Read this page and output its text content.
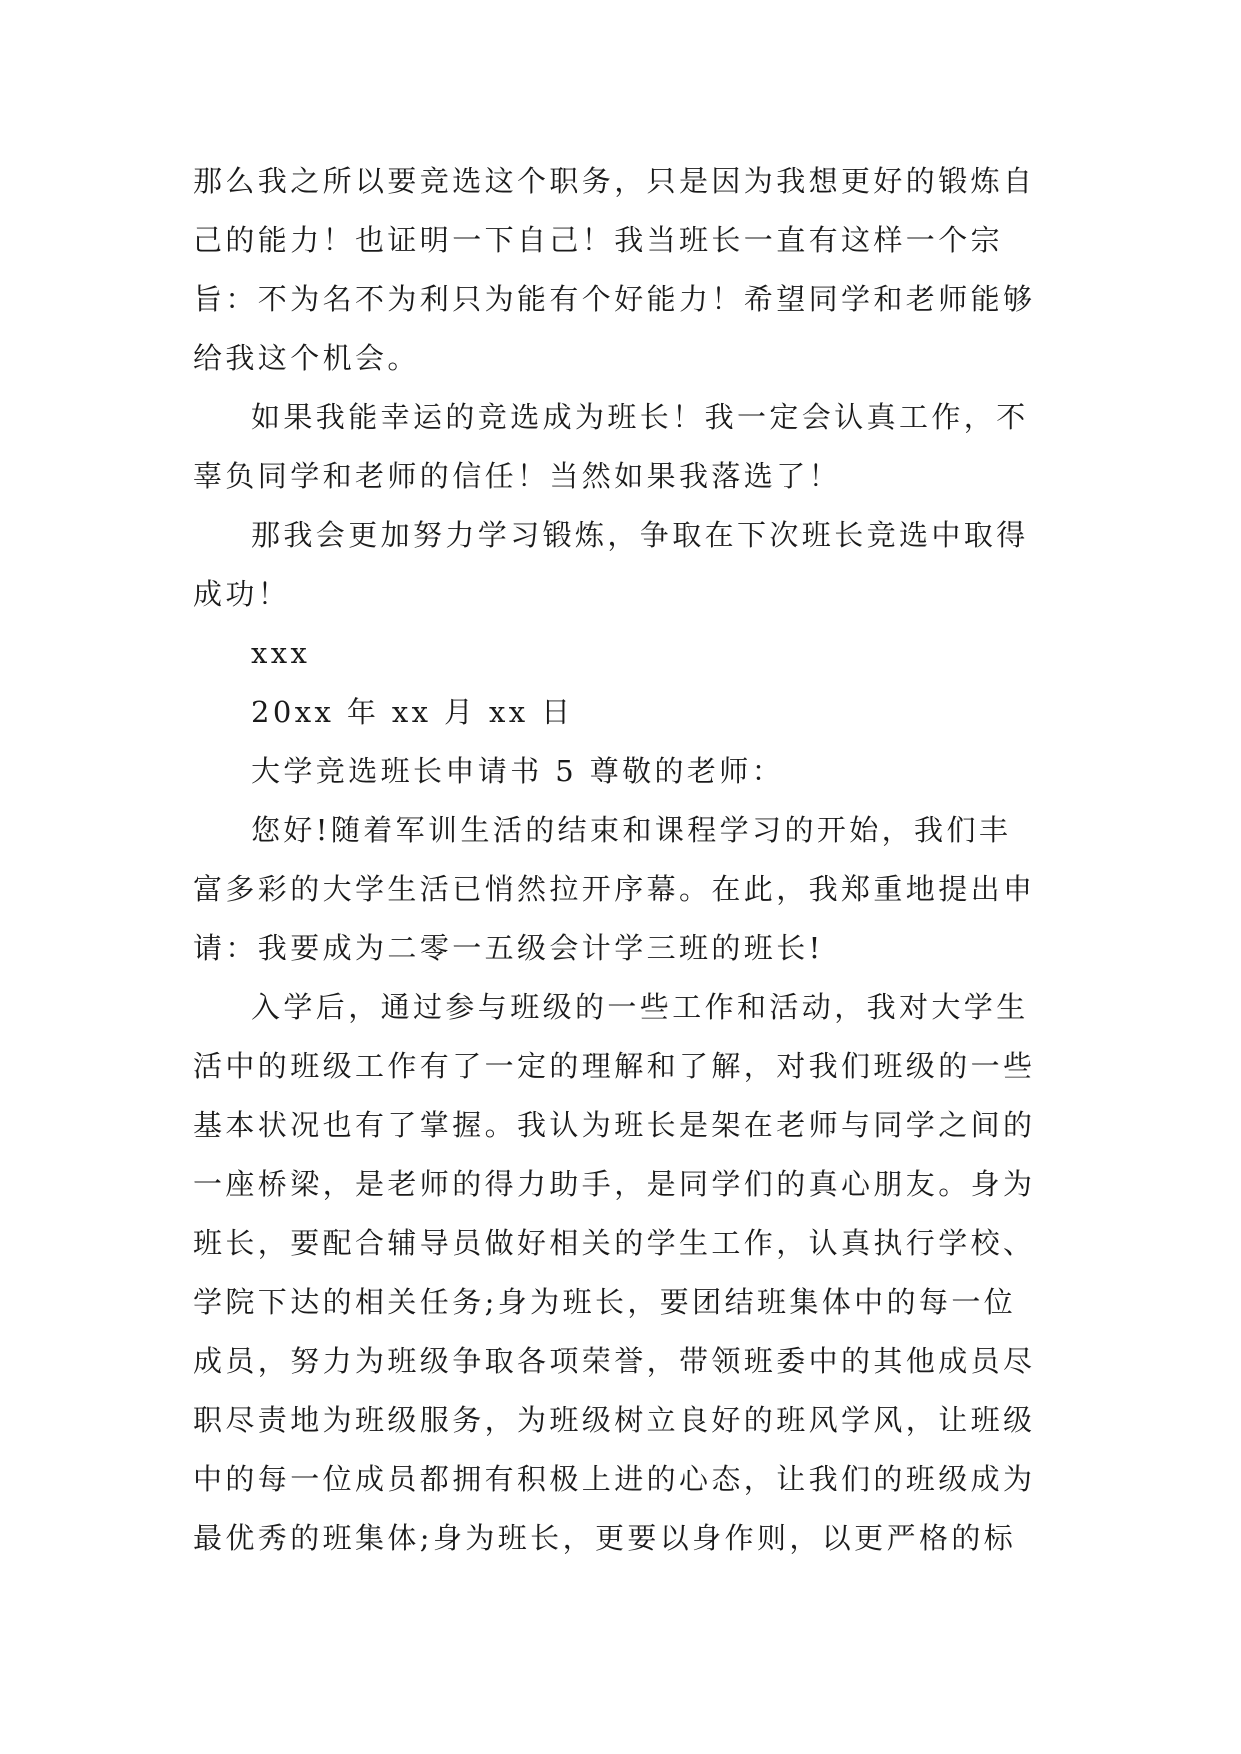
那么我之所以要竞选这个职务，只是因为我想更好的锻炼自
己的能力！也证明一下自己！我当班长一直有这样一个宗
旨：不为名不为利只为能有个好能力！希望同学和老师能够
给我这个机会。
如果我能幸运的竞选成为班长！我一定会认真工作，不
辜负同学和老师的信任！当然如果我落选了！
那我会更加努力学习锻炼，争取在下次班长竞选中取得
成功！
xxx
20xx 年 xx 月 xx 日
大学竞选班长申请书 5 尊敬的老师：
您好!随着军训生活的结束和课程学习的开始，我们丰
富多彩的大学生活已悄然拉开序幕。在此，我郑重地提出申
请：我要成为二零一五级会计学三班的班长!
入学后，通过参与班级的一些工作和活动，我对大学生
活中的班级工作有了一定的理解和了解，对我们班级的一些
基本状况也有了掌握。我认为班长是架在老师与同学之间的
一座桥梁，是老师的得力助手，是同学们的真心朋友。身为
班长，要配合辅导员做好相关的学生工作，认真执行学校、
学院下达的相关任务;身为班长，要团结班集体中的每一位
成员，努力为班级争取各项荣誉，带领班委中的其他成员尽
职尽责地为班级服务，为班级树立良好的班风学风，让班级
中的每一位成员都拥有积极上进的心态，让我们的班级成为
最优秀的班集体;身为班长，更要以身作则，以更严格的标
